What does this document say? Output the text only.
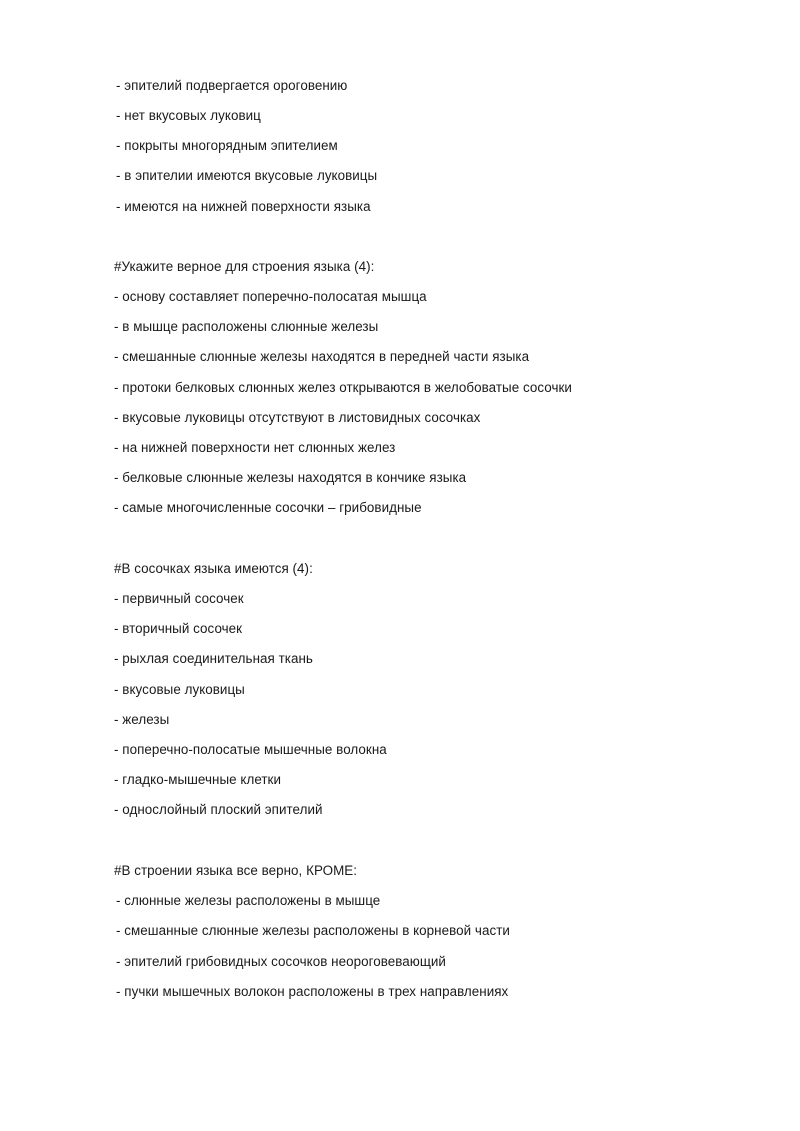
- эпителий подвергается ороговению
- нет вкусовых луковиц
- покрыты многорядным эпителием
- в эпителии имеются вкусовые луковицы
- имеются на нижней поверхности языка
#Укажите верное для строения языка (4):
- основу составляет поперечно-полосатая мышца
- в мышце расположены слюнные железы
- смешанные слюнные железы находятся в передней части языка
- протоки белковых слюнных желез открываются в желобоватые сосочки
- вкусовые луковицы отсутствуют в листовидных сосочках
- на нижней поверхности нет слюнных желез
- белковые слюнные железы находятся в кончике языка
- самые многочисленные сосочки – грибовидные
#В сосочках языка имеются (4):
- первичный сосочек
- вторичный сосочек
- рыхлая соединительная ткань
- вкусовые луковицы
- железы
- поперечно-полосатые мышечные волокна
- гладко-мышечные клетки
- однослойный плоский эпителий
#В строении языка все верно, КРОМЕ:
- слюнные железы расположены в мышце
- смешанные слюнные железы расположены в корневой части
- эпителий грибовидных сосочков неороговевающий
- пучки мышечных волокон расположены в трех направлениях
